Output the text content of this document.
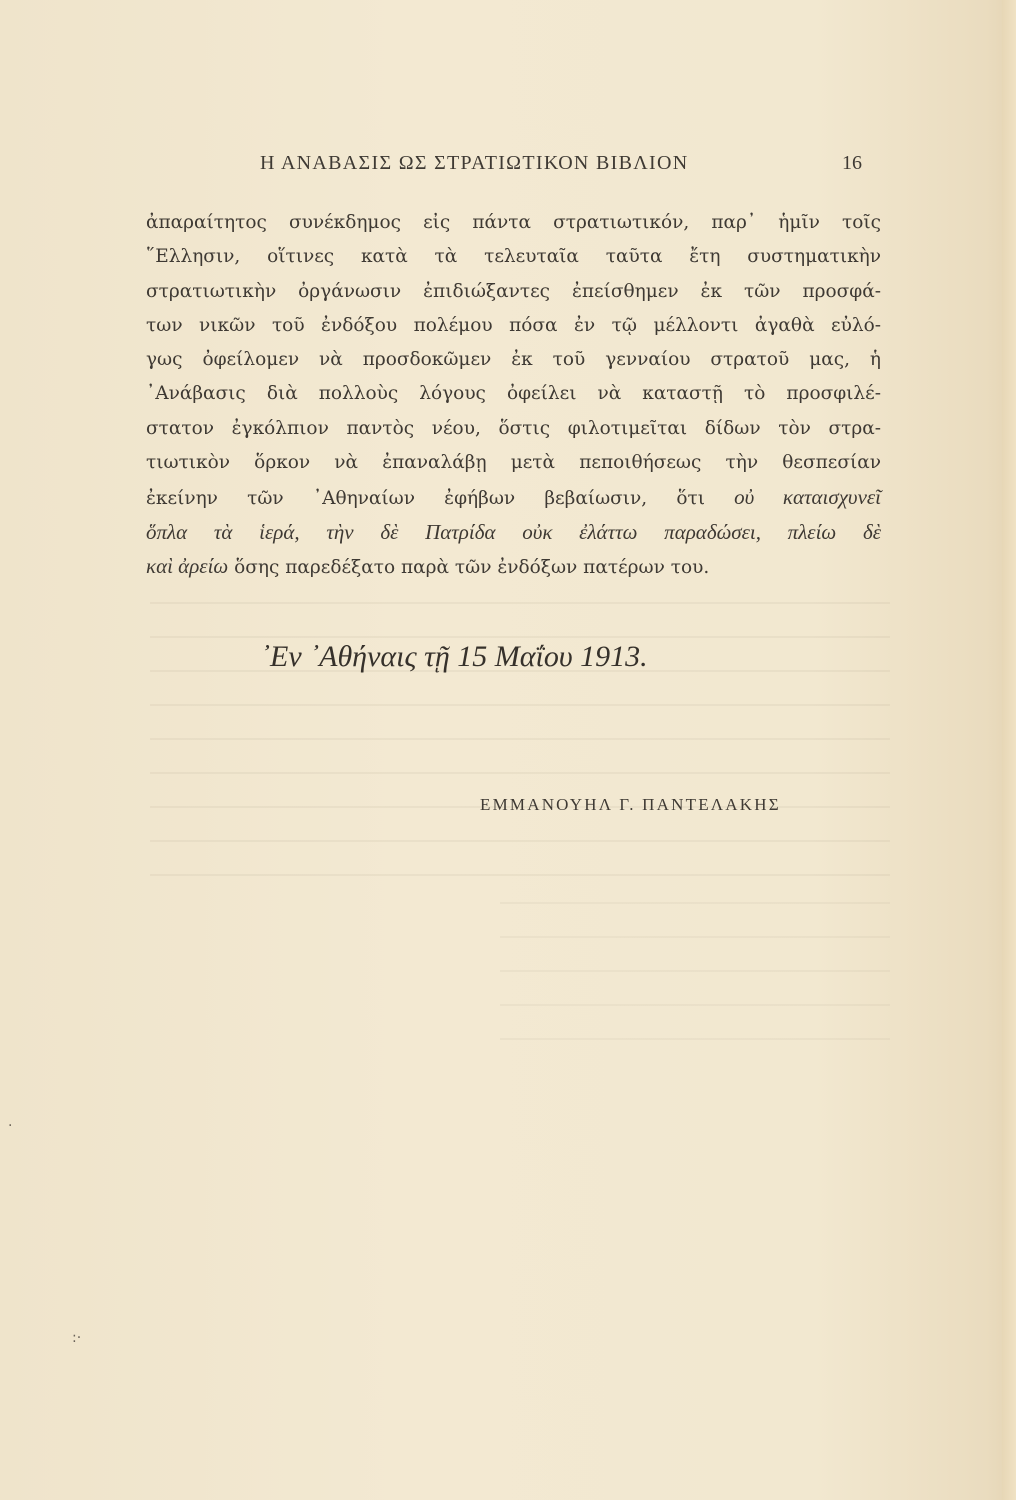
Η ΑΝΑΒΑΣΙΣ ΩΣ ΣΤΡΑΤΙΩΤΙΚΟΝ ΒΙΒΛΙΟΝ	16
ἀπαραίτητος συνέκδημος εἰς πάντα στρατιωτικόν, παρ᾽ ἡμῖν τοῖς
῞Ελλησιν, οἵτινες κατὰ τὰ τελευταῖα ταῦτα ἔτη συστηματικὴν
στρατιωτικὴν ὀργάνωσιν ἐπιδιώξαντες ἐπείσθημεν ἐκ τῶν προσφά-
των νικῶν τοῦ ἐνδόξου πολέμου πόσα ἐν τῷ μέλλοντι ἀγαθὰ εὐλό-
γως ὀφείλομεν νὰ προσδοκῶμεν ἐκ τοῦ γενναίου στρατοῦ μας, ἡ
᾽Ανάβασις διὰ πολλοὺς λόγους ὀφείλει νὰ καταστῇ τὸ προσφιλέ-
στατον ἐγκόλπιον παντὸς νέου, ὅστις φιλοτιμεῖται δίδων τὸν στρα-
τιωτικὸν ὅρκον νὰ ἐπαναλάβῃ μετὰ πεποιθήσεως τὴν θεσπεσίαν
ἐκείνην τῶν ᾽Αθηναίων ἐφήβων βεβαίωσιν, ὅτι οὐ καταισχυνεῖ
ὅπλα τὰ ἱερά, τὴν δὲ Πατρίδα οὐκ ἐλάττω παραδώσει, πλείω δὲ
καὶ ἀρείω ὅσης παρεδέξατο παρὰ τῶν ἐνδόξων πατέρων του.
᾽Εν ᾽Αθήναις τῇ 15 Μαΐου 1913.
ΕΜΜΑΝΟΥΗΛ Γ. ΠΑΝΤΕΛΑΚΗΣ
·
:·
